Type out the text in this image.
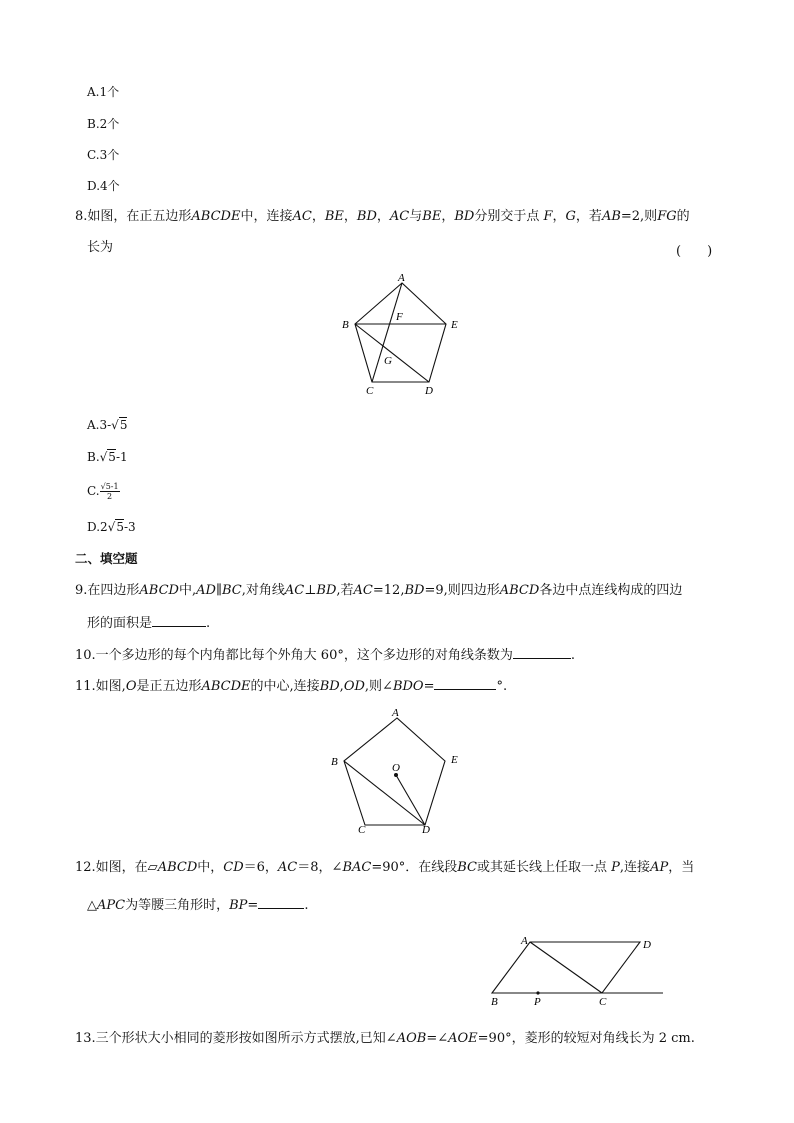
A.1个
B.2个
C.3个
D.4个
8.如图，在正五边形ABCDE中，连接AC，BE，BD，AC与BE，BD分别交于点 F，G，若AB=2,则FG的
长为	(　　)
A
B
C	D
E
F
G
A.3-√5
B.√5-1
C. $\frac{√5-1}{2}$
D.2√5-3
二、填空题
9.在四边形ABCD中,AD∥BC,对角线AC⊥BD,若AC=12,BD=9,则四边形ABCD各边中点连线构成的四边
形的面积是	.
10.一个多边形的每个内角都比每个外角大 60°，这个多边形的对角线条数为	.
11.如图,O是正五边形ABCDE的中心,连接BD,OD,则∠BDO=	°.
A
B
C	D
E
O
12.如图，在▱ABCD中，CD＝6，AC＝8，∠BAC=90°．在线段BC或其延长线上任取一点 P,连接AP，当
△APC为等腰三角形时，BP=	.
A	D
B	P	C
13.三个形状大小相同的菱形按如图所示方式摆放,已知∠AOB=∠AOE=90°，菱形的较短对角线长为 2 cm.
